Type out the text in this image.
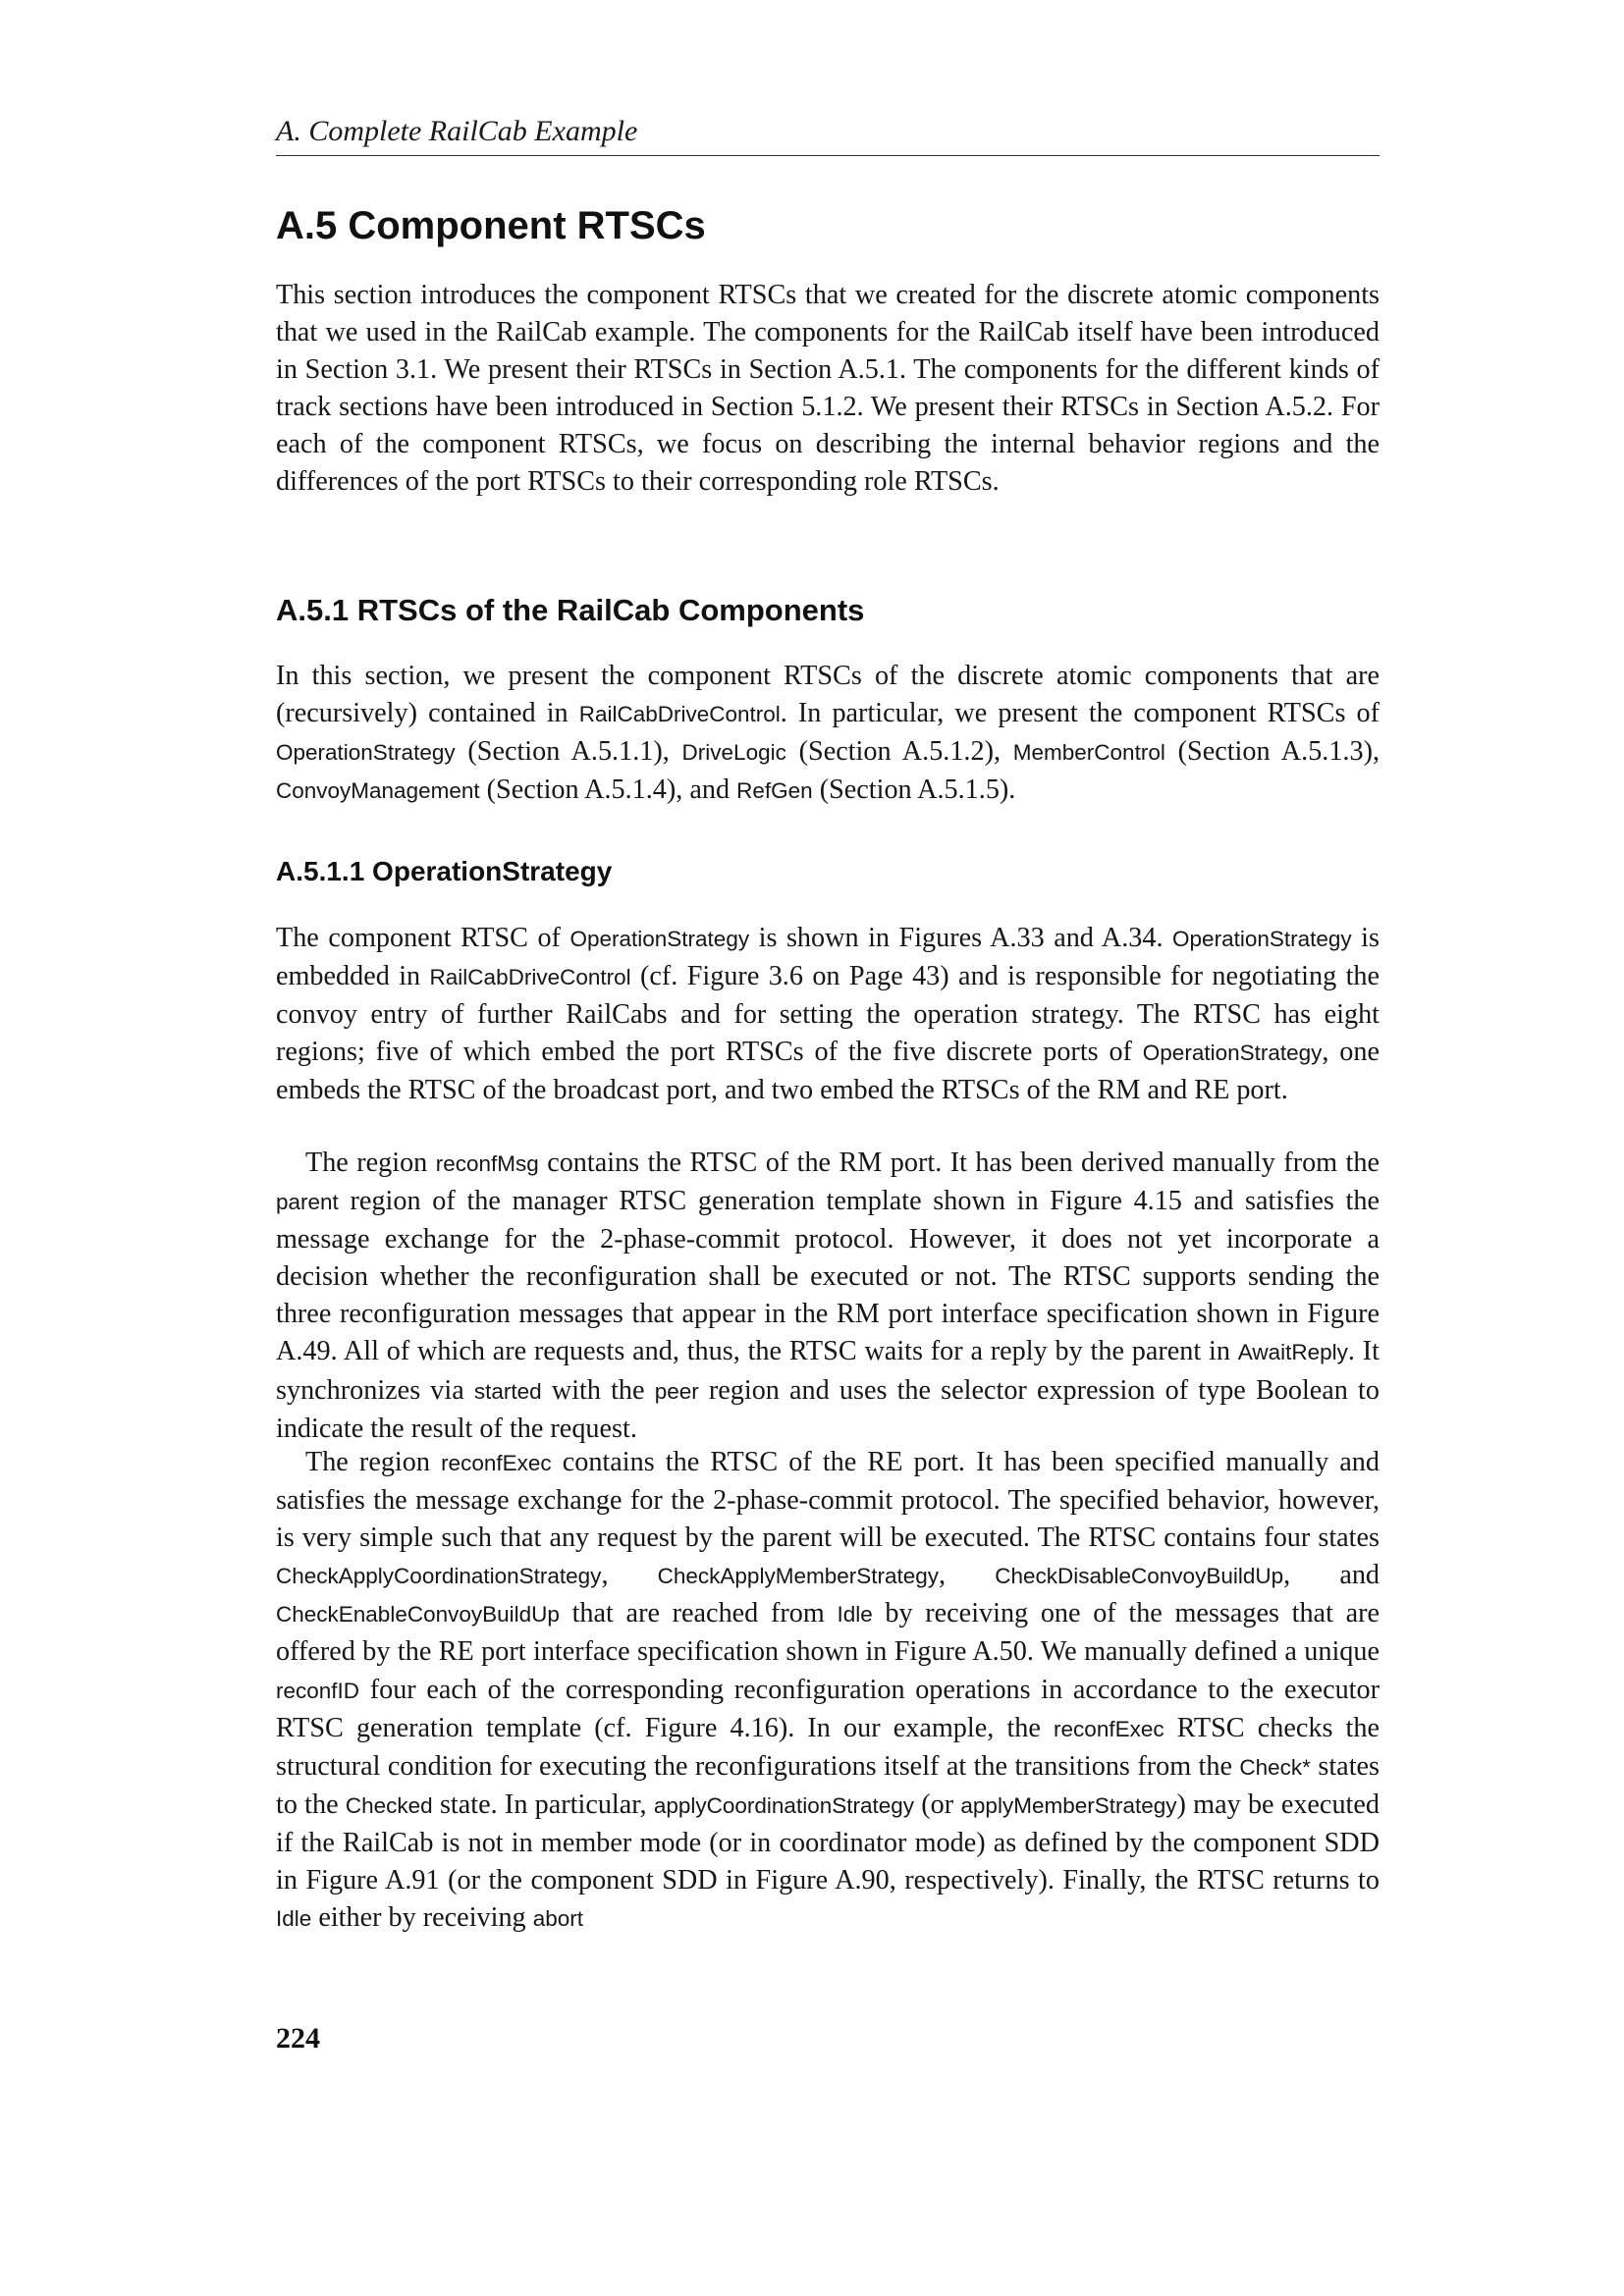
A. Complete RailCab Example
A.5 Component RTSCs

This section introduces the component RTSCs that we created for the discrete atomic components that we used in the RailCab example. The components for the RailCab itself have been introduced in Section 3.1. We present their RTSCs in Section A.5.1. The components for the different kinds of track sections have been introduced in Section 5.1.2. We present their RTSCs in Section A.5.2. For each of the component RTSCs, we focus on describing the internal behavior regions and the differences of the port RTSCs to their corresponding role RTSCs.

A.5.1 RTSCs of the RailCab Components

In this section, we present the component RTSCs of the discrete atomic components that are (recursively) contained in RailCabDriveControl. In particular, we present the component RTSCs of OperationStrategy (Section A.5.1.1), DriveLogic (Section A.5.1.2), MemberControl (Section A.5.1.3), ConvoyManagement (Section A.5.1.4), and RefGen (Section A.5.1.5).

A.5.1.1 OperationStrategy

The component RTSC of OperationStrategy is shown in Figures A.33 and A.34. OperationStrategy is embedded in RailCabDriveControl (cf. Figure 3.6 on Page 43) and is responsible for negotiating the convoy entry of further RailCabs and for setting the operation strategy. The RTSC has eight regions; five of which embed the port RTSCs of the five discrete ports of OperationStrategy, one embeds the RTSC of the broadcast port, and two embed the RTSCs of the RM and RE port.

The region reconfMsg contains the RTSC of the RM port. It has been derived manually from the parent region of the manager RTSC generation template shown in Figure 4.15 and satisfies the message exchange for the 2-phase-commit protocol. However, it does not yet incorporate a decision whether the reconfiguration shall be executed or not. The RTSC supports sending the three reconfiguration messages that appear in the RM port interface specification shown in Figure A.49. All of which are requests and, thus, the RTSC waits for a reply by the parent in AwaitReply. It synchronizes via started with the peer region and uses the selector expression of type Boolean to indicate the result of the request.

The region reconfExec contains the RTSC of the RE port. It has been specified manually and satisfies the message exchange for the 2-phase-commit protocol. The specified behavior, however, is very simple such that any request by the parent will be executed. The RTSC contains four states CheckApplyCoordinationStrategy, CheckApplyMemberStrategy, CheckDisableConvoyBuildUp, and CheckEnableConvoyBuildUp that are reached from Idle by receiving one of the messages that are offered by the RE port interface specification shown in Figure A.50. We manually defined a unique reconfID four each of the corresponding reconfiguration operations in accordance to the executor RTSC generation template (cf. Figure 4.16). In our example, the reconfExec RTSC checks the structural condition for executing the reconfigurations itself at the transitions from the Check* states to the Checked state. In particular, applyCoordinationStrategy (or applyMemberStrategy) may be executed if the RailCab is not in member mode (or in coordinator mode) as defined by the component SDD in Figure A.91 (or the component SDD in Figure A.90, respectively). Finally, the RTSC returns to Idle either by receiving abort

224
